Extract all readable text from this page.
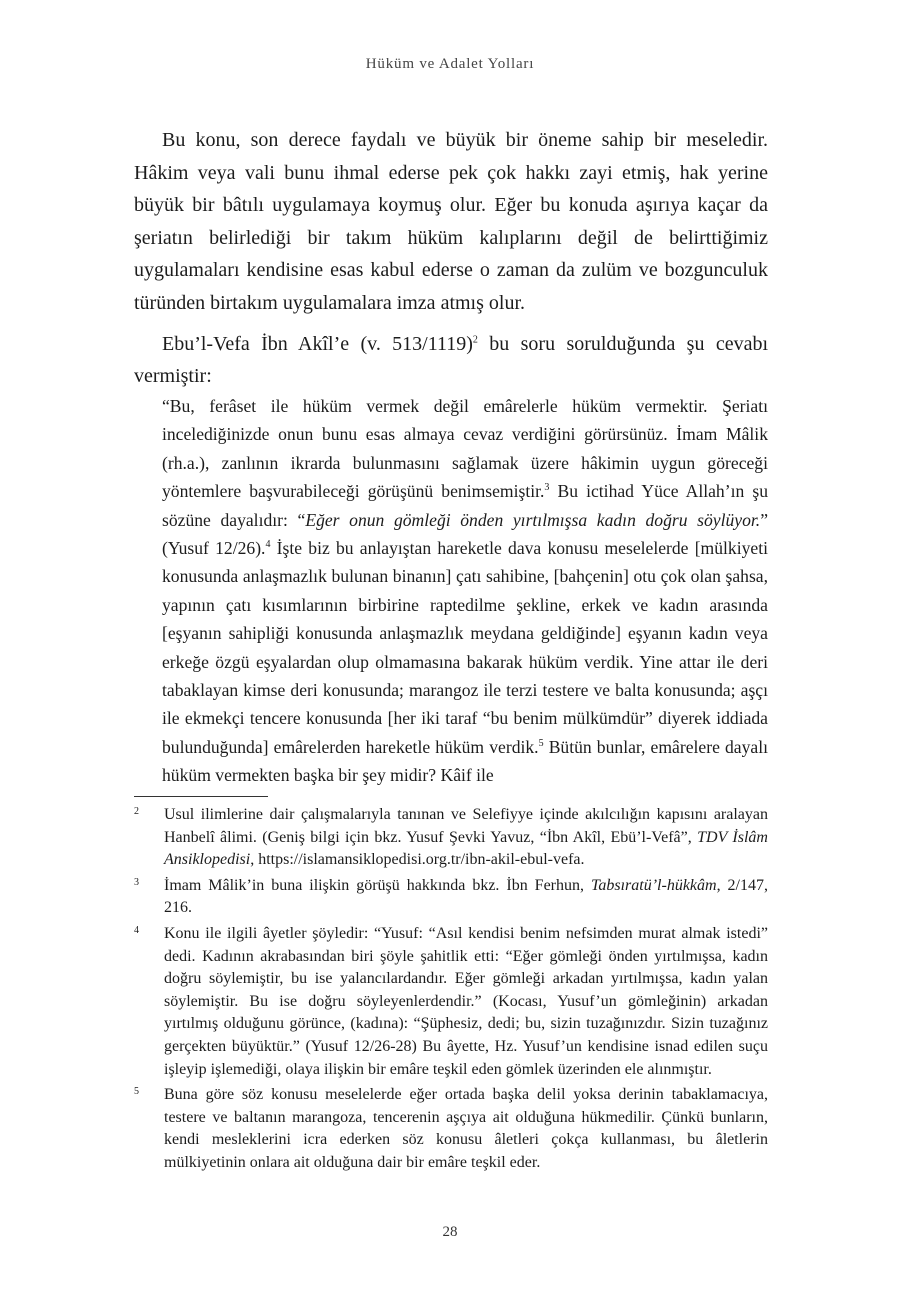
Hüküm ve Adalet Yolları

Bu konu, son derece faydalı ve büyük bir öneme sahip bir meseledir. Hâkim veya vali bunu ihmal ederse pek çok hakkı zayi etmiş, hak yerine büyük bir bâtılı uygulamaya koymuş olur. Eğer bu konuda aşırıya kaçar da şeriatın belirlediği bir takım hüküm kalıplarını değil de belirttiğimiz uygulamaları kendisine esas kabul ederse o zaman da zulüm ve bozgunculuk türünden birtakım uygulamalara imza atmış olur.

Ebu’l-Vefa İbn Akîl’e (v. 513/1119)$^2$ bu soru sorulduğunda şu cevabı vermiştir:

“Bu, ferâset ile hüküm vermek değil emârelerle hüküm vermektir. Şeriatı incelediğinizde onun bunu esas almaya cevaz verdiğini görürsünüz. İmam Mâlik (rh.a.), zanlının ikrarda bulunmasını sağlamak üzere hâkimin uygun göreceği yöntemlere başvurabileceği görüşünü benimsemiştir.$^3$ Bu ictihad Yüce Allah’ın şu sözüne dayalıdır: “Eğer onun gömleği önden yırtılmışsa kadın doğru söylüyor.” (Yusuf 12/26).$^4$ İşte biz bu anlayıştan hareketle dava konusu meselelerde [mülkiyeti konusunda anlaşmazlık bulunan binanın] çatı sahibine, [bahçenin] otu çok olan şahsa, yapının çatı kısımlarının birbirine raptedilme şekline, erkek ve kadın arasında [eşyanın sahipliği konusunda anlaşmazlık meydana geldiğinde] eşyanın kadın veya erkeğe özgü eşyalardan olup olmamasına bakarak hüküm verdik. Yine attar ile deri tabaklayan kimse deri konusunda; marangoz ile terzi testere ve balta konusunda; aşçı ile ekmekçi tencere konusunda [her iki taraf “bu benim mülkümdür” diyerek iddiada bulunduğunda] emârelerden hareketle hüküm verdik.$^5$ Bütün bunlar, emârelere dayalı hüküm vermekten başka bir şey midir? Kâif ile

2 Usul ilimlerine dair çalışmalarıyla tanınan ve Selefiyye içinde akılcılığın kapısını aralayan Hanbelî âlimi. (Geniş bilgi için bkz. Yusuf Şevki Yavuz, “İbn Akîl, Ebü’l-Vefâ”, TDV İslâm Ansiklopedisi, https://islamansiklopedisi.org.tr/ibn-akil-ebul-vefa.
3 İmam Mâlik’in buna ilişkin görüşü hakkında bkz. İbn Ferhun, Tabsıratü’l-hükkâm, 2/147, 216.
4 Konu ile ilgili âyetler şöyledir: “Yusuf: “Asıl kendisi benim nefsimden murat almak istedi” dedi. Kadının akrabasından biri şöyle şahitlik etti: “Eğer gömleği önden yırtılmışsa, kadın doğru söylemiştir, bu ise yalancılardandır. Eğer gömleği arkadan yırtılmışsa, kadın yalan söylemiştir. Bu ise doğru söyleyenlerdendir.” (Kocası, Yusuf’un gömleğinin) arkadan yırtılmış olduğunu görünce, (kadına): “Şüphesiz, dedi; bu, sizin tuzağınızdır. Sizin tuzağınız gerçekten büyüktür.” (Yusuf 12/26-28) Bu âyette, Hz. Yusuf’un kendisine isnad edilen suçu işleyip işlemediği, olaya ilişkin bir emâre teşkil eden gömlek üzerinden ele alınmıştır.
5 Buna göre söz konusu meselelerde eğer ortada başka delil yoksa derinin tabaklamacıya, testere ve baltanın marangoza, tencerenin aşçıya ait olduğuna hükmedilir. Çünkü bunların, kendi mesleklerini icra ederken söz konusu âletleri çokça kullanması, bu âletlerin mülkiyetinin onlara ait olduğuna dair bir emâre teşkil eder.
28
